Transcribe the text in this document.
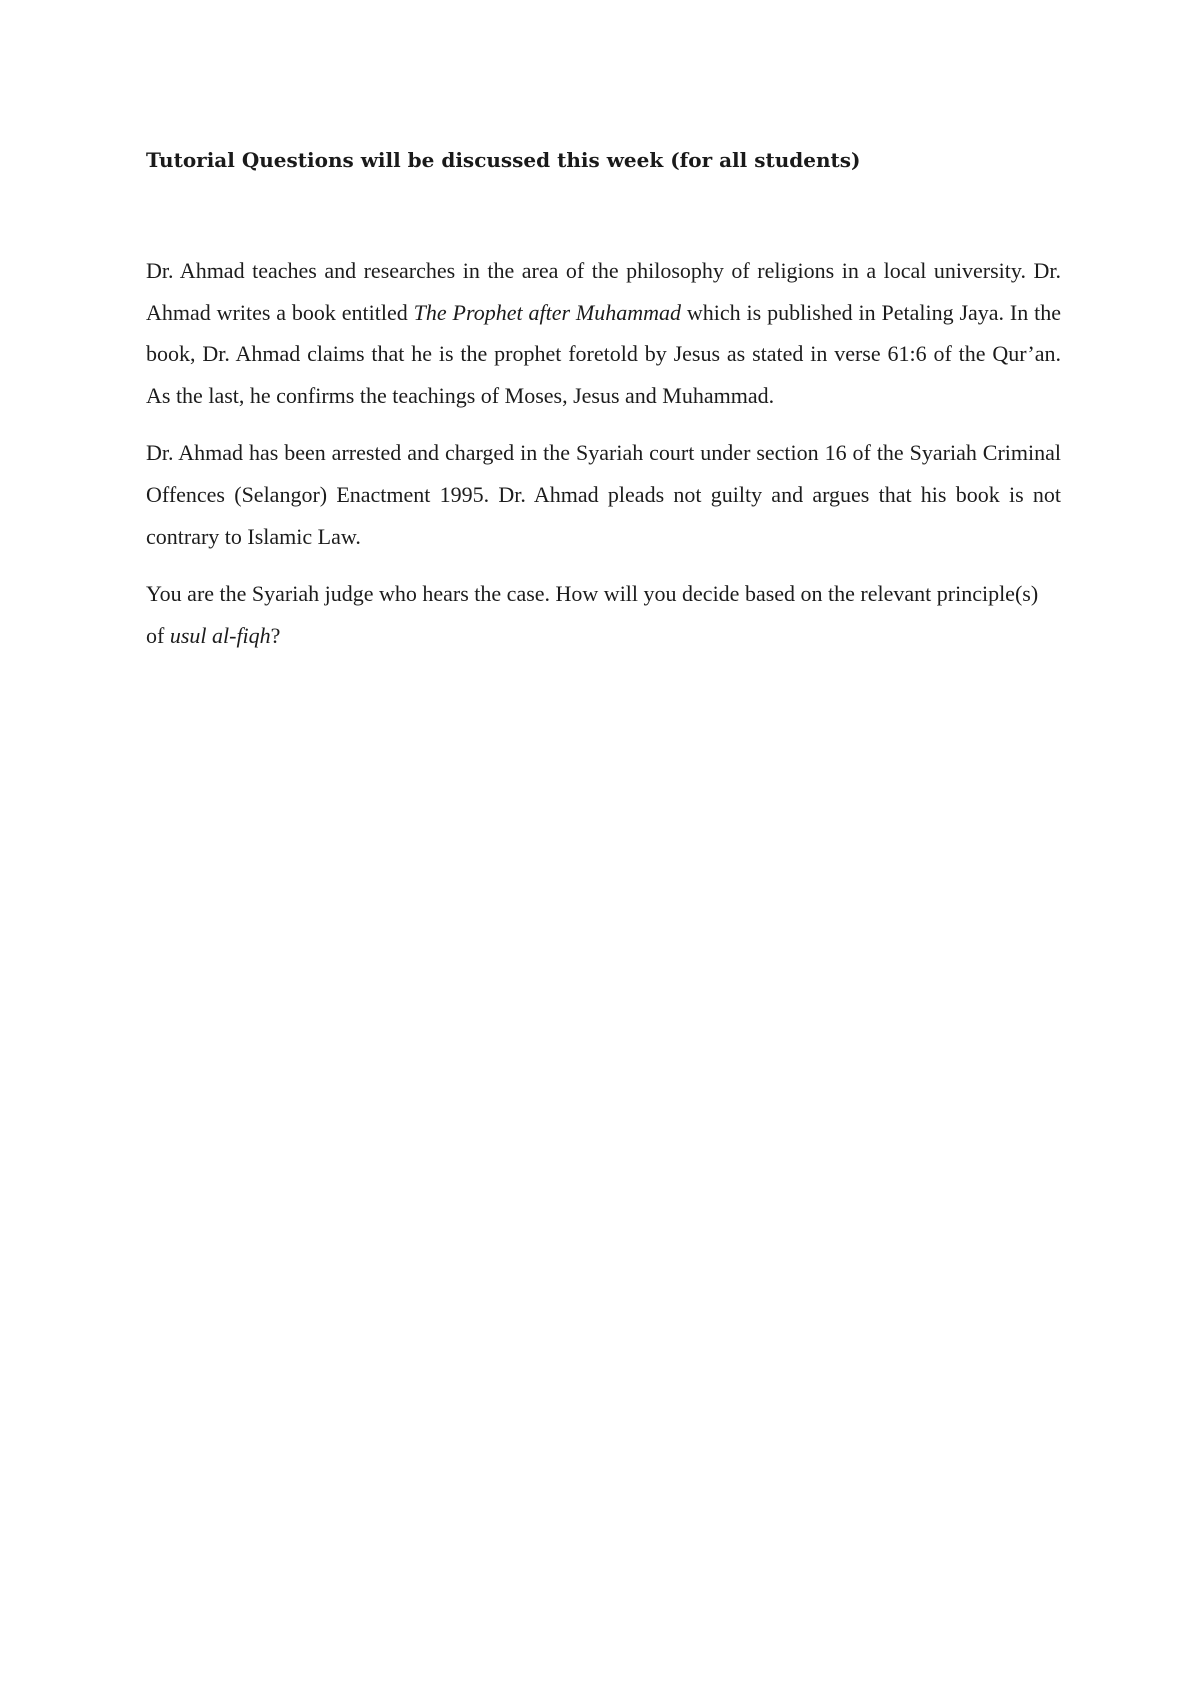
Tutorial Questions will be discussed this week (for all students)

Dr. Ahmad teaches and researches in the area of the philosophy of religions in a local university. Dr. Ahmad writes a book entitled The Prophet after Muhammad which is published in Petaling Jaya. In the book, Dr. Ahmad claims that he is the prophet foretold by Jesus as stated in verse 61:6 of the Qur’an. As the last, he confirms the teachings of Moses, Jesus and Muhammad.

Dr. Ahmad has been arrested and charged in the Syariah court under section 16 of the Syariah Criminal Offences (Selangor) Enactment 1995. Dr. Ahmad pleads not guilty and argues that his book is not contrary to Islamic Law.

You are the Syariah judge who hears the case. How will you decide based on the relevant principle(s) of usul al-fiqh?
